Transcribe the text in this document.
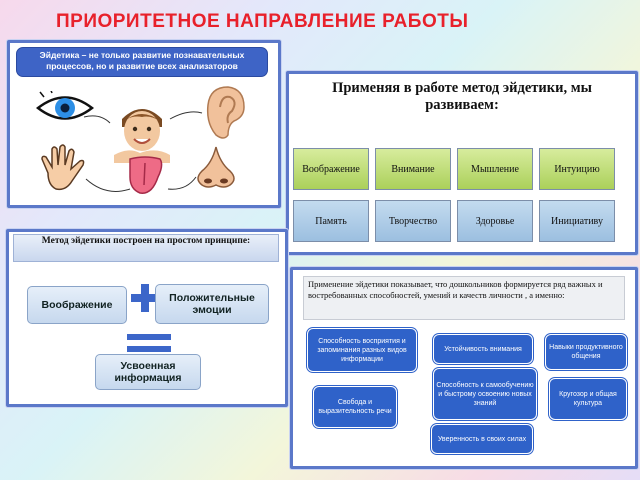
ПРИОРИТЕТНОЕ НАПРАВЛЕНИЕ РАБОТЫ
Эйдетика – не только развитие познавательных процессов, но и развитие всех анализаторов
Применяя в работе метод эйдетики, мы развиваем:
Воображение	Внимание	Мышление	Интуицию
Память	Творчество	Здоровье	Инициативу
Метод эйдетики построен на простом принципе:
Воображение
Положительные эмоции
Усвоенная информация
Применение эйдетики показывает, что дошкольников формируется ряд важных и востребованных способностей, умений и качеств личности , а именно:
Способность восприятия и запоминания разных видов информации
Устойчивость внимания	Навыки продуктивного общения
Способность к самообучению и быстрому освоению новых знаний
Свобода и выразительность речи
Кругозор и общая культура
Уверенность в своих силах
